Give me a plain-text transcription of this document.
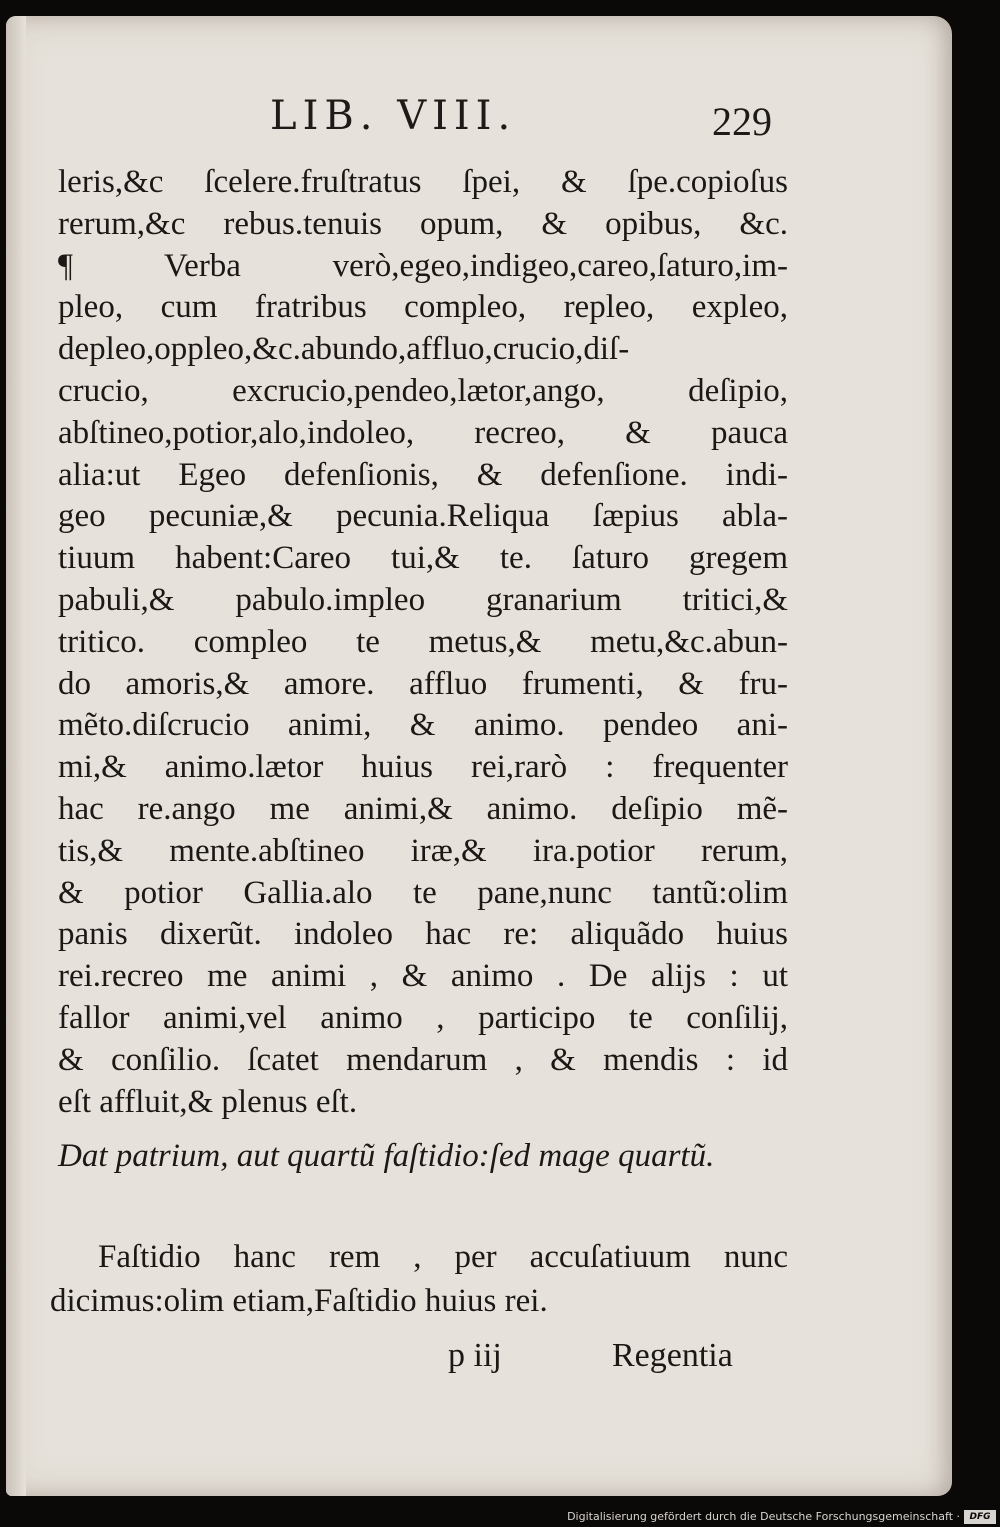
LIB. VIII.	229
leris,&c ſcelere.fruſtratus ſpei, & ſpe.copioſus
rerum,&c rebus.tenuis opum, & opibus, &c.
¶ Verba verò,egeo,indigeo,careo,ſaturo,im-
pleo, cum fratribus compleo, repleo, expleo,
depleo,oppleo,&c.abundo,affluo,crucio,diſ-
crucio, excrucio,pendeo,lætor,ango, deſipio,
abſtineo,potior,alo,indoleo, recreo, & pauca
alia:ut Egeo defenſionis, & defenſione. indi-
geo pecuniæ,& pecunia.Reliqua ſæpius abla-
tiuum habent:Careo tui,& te. ſaturo gregem
pabuli,& pabulo.impleo granarium tritici,&
tritico. compleo te metus,& metu,&c.abun-
do amoris,& amore. affluo frumenti, & fru-
mẽto.diſcrucio animi, & animo. pendeo ani-
mi,& animo.lætor huius rei,rarò : frequenter
hac re.ango me animi,& animo. deſipio mẽ-
tis,& mente.abſtineo iræ,& ira.potior rerum,
& potior Gallia.alo te pane,nunc tantũ:olim
panis dixerũt. indoleo hac re: aliquãdo huius
rei.recreo me animi , & animo . De alijs : ut
fallor animi,vel animo , participo te conſilij,
& conſilio. ſcatet mendarum , & mendis : id
eſt affluit,& plenus eſt.
Dat patrium, aut quartũ faſtidio:ſed mage quartũ.
Faſtidio hanc rem , per accuſatiuum nunc
dicimus:olim etiam,Faſtidio huius rei.
p iij	Regentia
Digitalisierung gefördert durch die Deutsche Forschungsgemeinschaft ·	DFG
